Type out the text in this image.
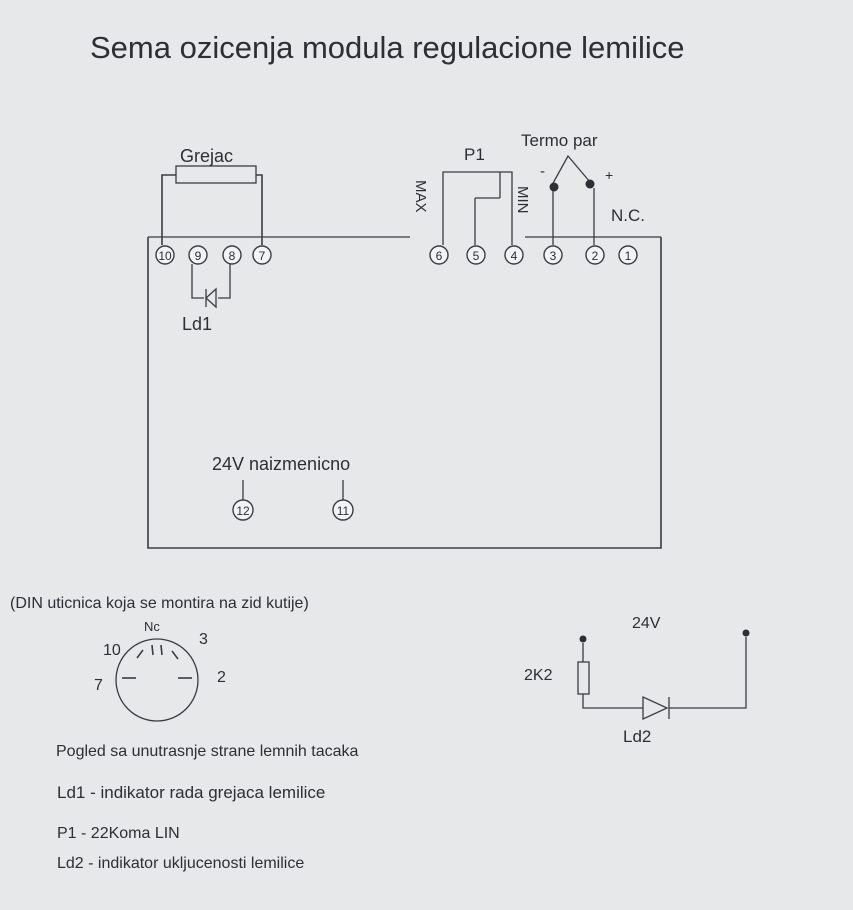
Sema ozicenja modula regulacione lemilice
Grejac
10 9 8 7
Ld1
P1
MAX	MIN
Termo par
-	+
N.C.
6	5	4	3	2 1
24V naizmenicno
12	11
(DIN uticnica koja se montira na zid kutije)
Nc
10
3
7	2
24V
2K2
Ld2
Pogled sa unutrasnje strane lemnih tacaka
Ld1 - indikator rada grejaca lemilice
P1 - 22Koma LIN
Ld2 - indikator ukljucenosti lemilice
